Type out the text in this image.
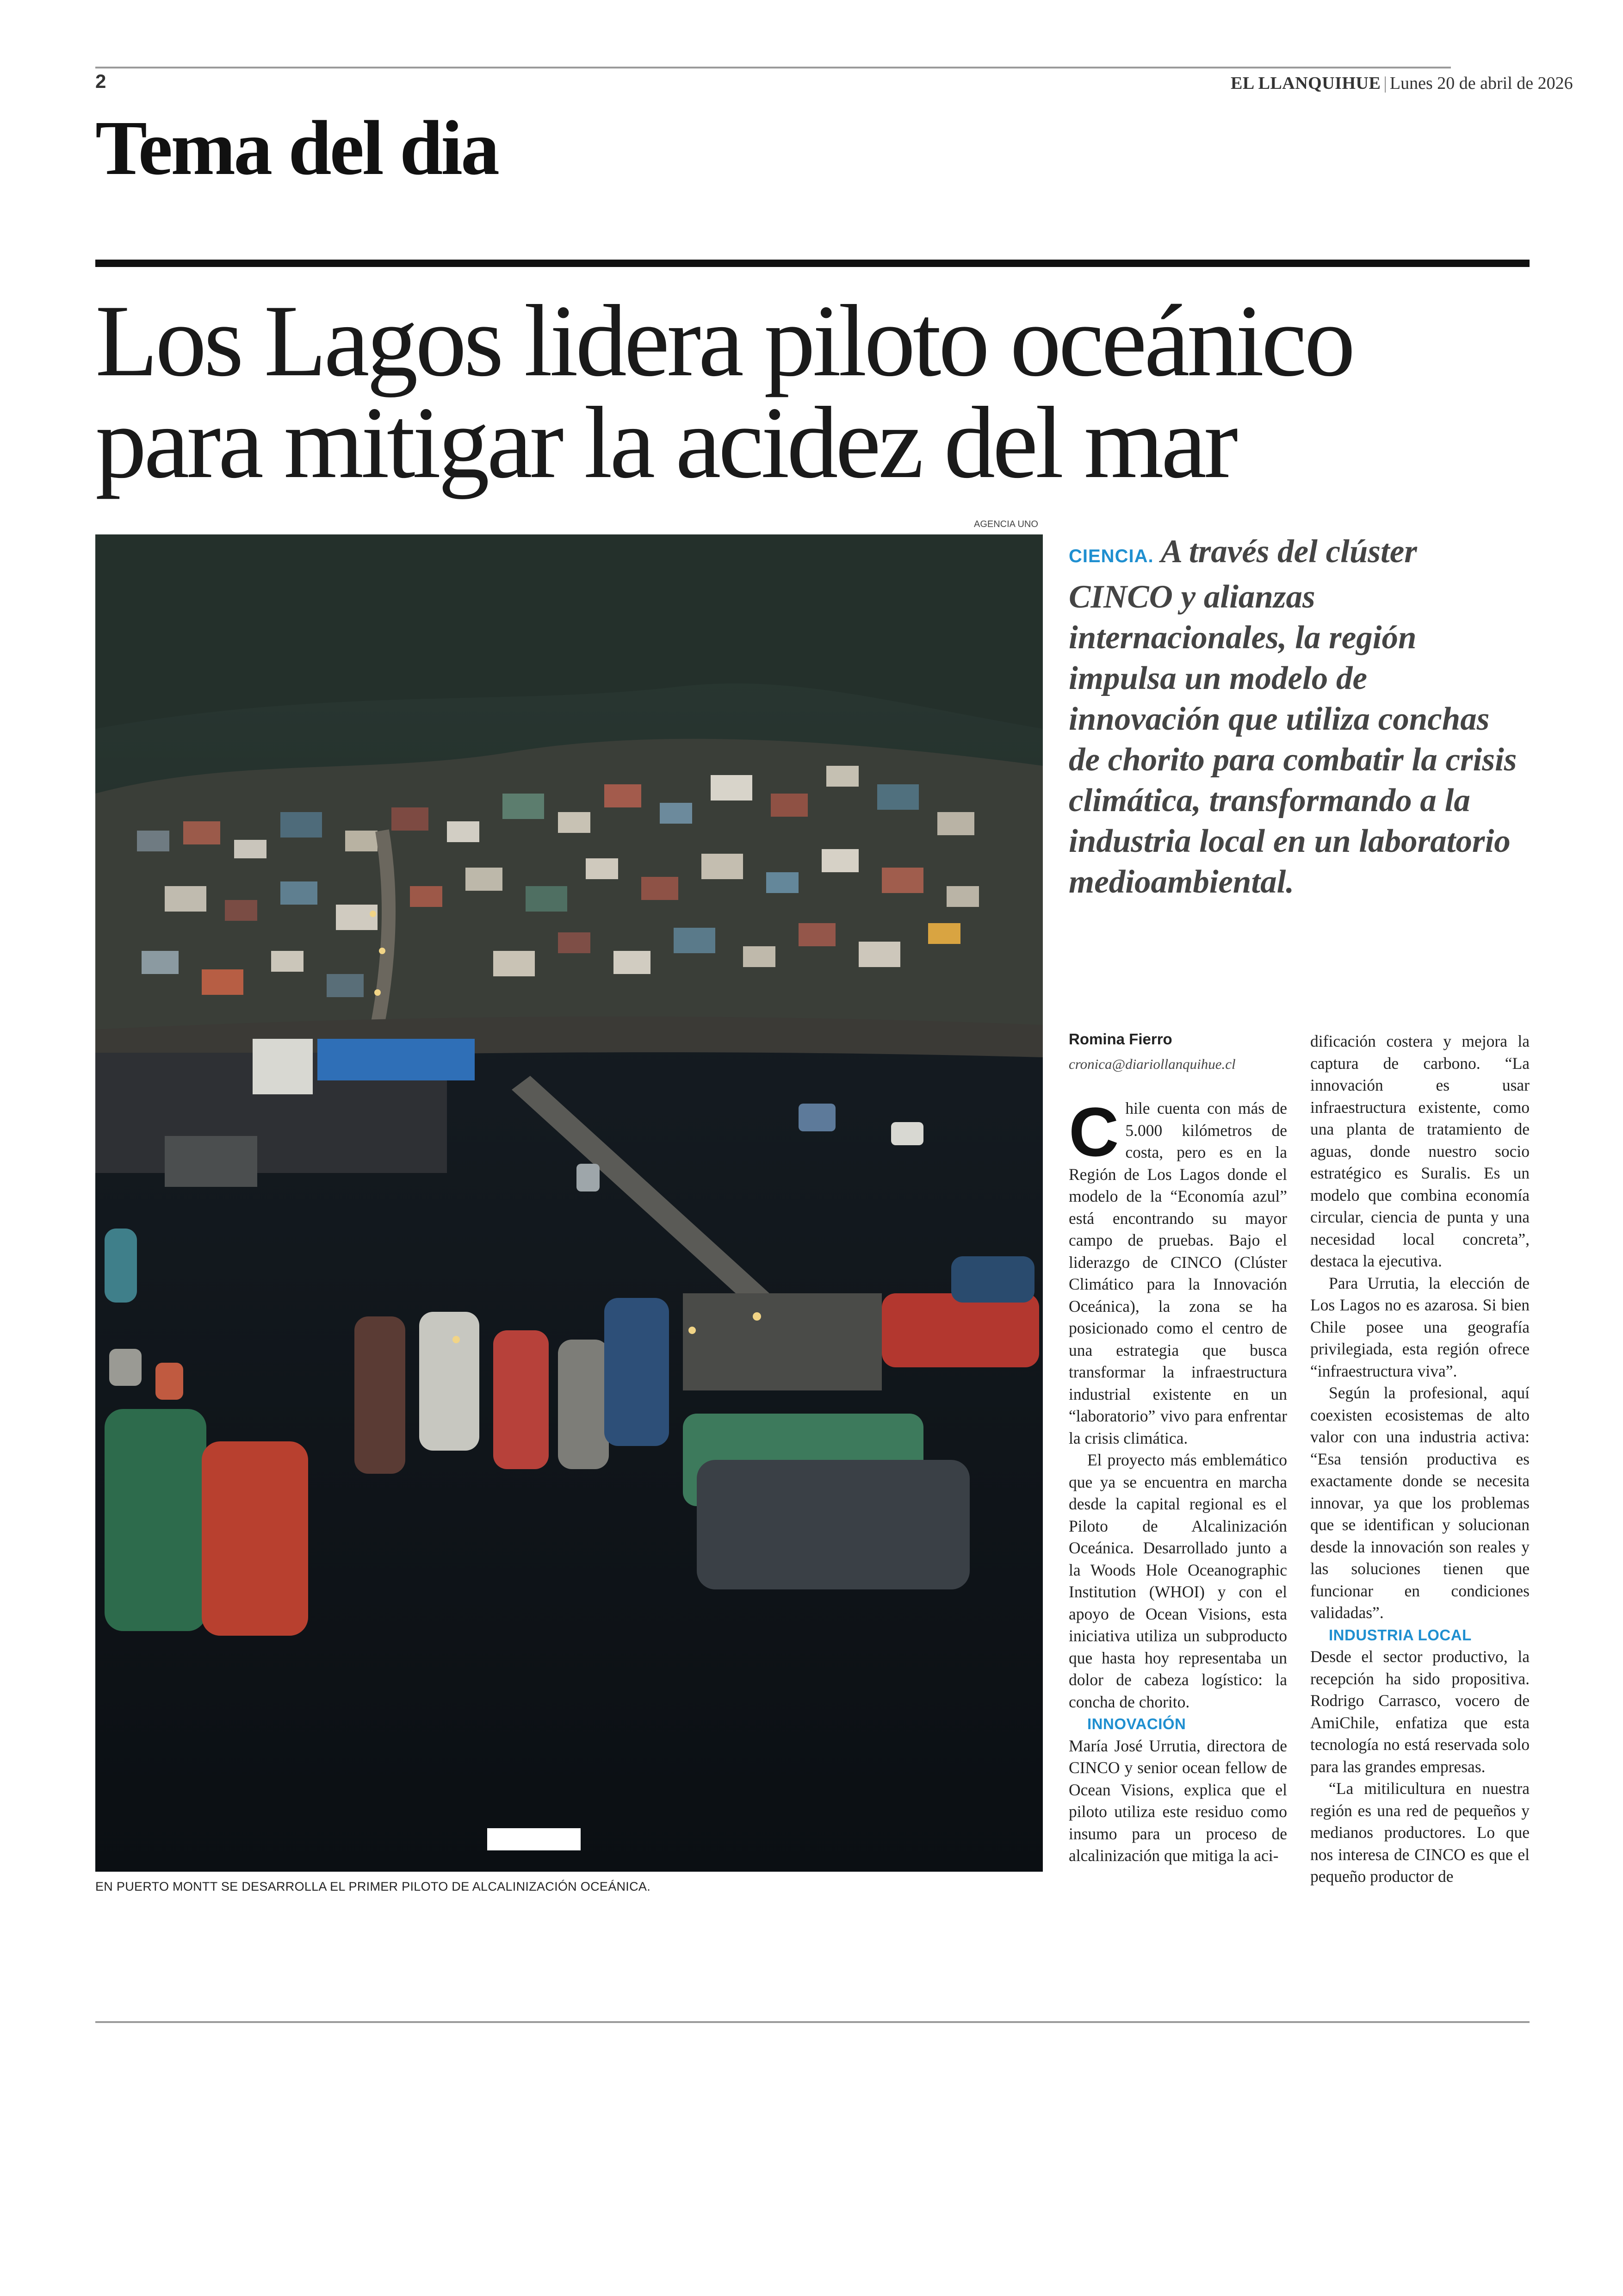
2	EL LLANQUIHUE | Lunes 20 de abril de 2026
Tema del dia
Los Lagos lidera piloto oceánico
para mitigar la acidez del mar
AGENCIA UNO
EN PUERTO MONTT SE DESARROLLA EL PRIMER PILOTO DE ALCALINIZACIÓN OCEÁNICA.
CIENCIA. A través del clúster CINCO y alianzas internacionales, la región impulsa un modelo de innovación que utiliza conchas de chorito para combatir la crisis climática, transformando a la industria local en un laboratorio medioambiental.
Romina Fierro
cronica@diariollanquihue.cl

Chile cuenta con más de 5.000 kilómetros de costa, pero es en la Región de Los Lagos donde el modelo de la “Economía azul” está encontrando su mayor campo de pruebas. Bajo el liderazgo de CINCO (Clúster Climático para la Innovación Oceánica), la zona se ha posicionado como el centro de una estrategia que busca transformar la infraestructura industrial existente en un “laboratorio” vivo para enfrentar la crisis climática.

El proyecto más emblemático que ya se encuentra en marcha desde la capital regional es el Piloto de Alcalinización Oceánica. Desarrollado junto a la Woods Hole Oceanographic Institution (WHOI) y con el apoyo de Ocean Visions, esta iniciativa utiliza un subproducto que hasta hoy representaba un dolor de cabeza logístico: la concha de chorito.

INNOVACIÓN

María José Urrutia, directora de CINCO y senior ocean fellow de Ocean Visions, explica que el piloto utiliza este residuo como insumo para un proceso de alcalinización que mitiga la aci-

dificación costera y mejora la captura de carbono. “La innovación es usar infraestructura existente, como una planta de tratamiento de aguas, donde nuestro socio estratégico es Suralis. Es un modelo que combina economía circular, ciencia de punta y una necesidad local concreta”, destaca la ejecutiva.

Para Urrutia, la elección de Los Lagos no es azarosa. Si bien Chile posee una geografía privilegiada, esta región ofrece “infraestructura viva”.

Según la profesional, aquí coexisten ecosistemas de alto valor con una industria activa: “Esa tensión productiva es exactamente donde se necesita innovar, ya que los problemas que se identifican y solucionan desde la innovación son reales y las soluciones tienen que funcionar en condiciones validadas”.

INDUSTRIA LOCAL

Desde el sector productivo, la recepción ha sido propositiva. Rodrigo Carrasco, vocero de AmiChile, enfatiza que esta tecnología no está reservada solo para las grandes empresas.

“La mitilicultura en nuestra región es una red de pequeños y medianos productores. Lo que nos interesa de CINCO es que el pequeño productor de
